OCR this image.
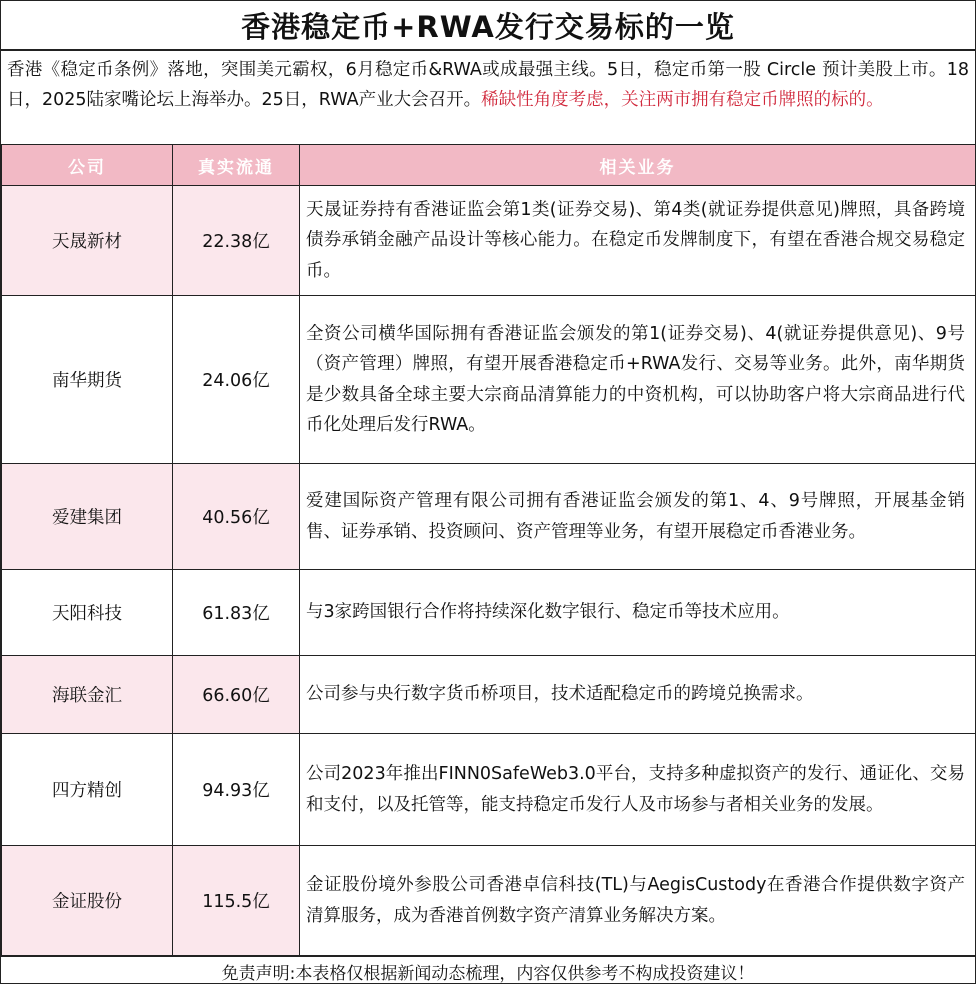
香港稳定币+RWA发行交易标的一览
香港《稳定币条例》落地，突围美元霸权，6月稳定币&RWA或成最强主线。5日，稳定币第一股 Circle 预计美股上市。18日，2025陆家嘴论坛上海举办。25日，RWA产业大会召开。稀缺性角度考虑，关注两市拥有稳定币牌照的标的。
公司	真实流通	相关业务
天晟新材	22.38亿	天晟证券持有香港证监会第1类(证券交易)、第4类(就证券提供意见)牌照，具备跨境债券承销金融产品设计等核心能力。在稳定币发牌制度下，有望在香港合规交易稳定币。
南华期货	24.06亿	全资公司横华国际拥有香港证监会颁发的第1(证券交易)、4(就证券提供意见)、9号（资产管理）牌照，有望开展香港稳定币+RWA发行、交易等业务。此外，南华期货是少数具备全球主要大宗商品清算能力的中资机构，可以协助客户将大宗商品进行代币化处理后发行RWA。
爱建集团	40.56亿	爱建国际资产管理有限公司拥有香港证监会颁发的第1、4、9号牌照，开展基金销售、证券承销、投资顾问、资产管理等业务，有望开展稳定币香港业务。
天阳科技	61.83亿	与3家跨国银行合作将持续深化数字银行、稳定币等技术应用。
海联金汇	66.60亿	公司参与央行数字货币桥项目，技术适配稳定币的跨境兑换需求。
四方精创	94.93亿	公司2023年推出FINN0SafeWeb3.0平台，支持多种虚拟资产的发行、通证化、交易和支付，以及托管等，能支持稳定币发行人及市场参与者相关业务的发展。
金证股份	115.5亿	金证股份境外参股公司香港卓信科技(TL)与AegisCustody在香港合作提供数字资产清算服务，成为香港首例数字资产清算业务解决方案。
免责声明:本表格仅根据新闻动态梳理，内容仅供参考不构成投资建议！
